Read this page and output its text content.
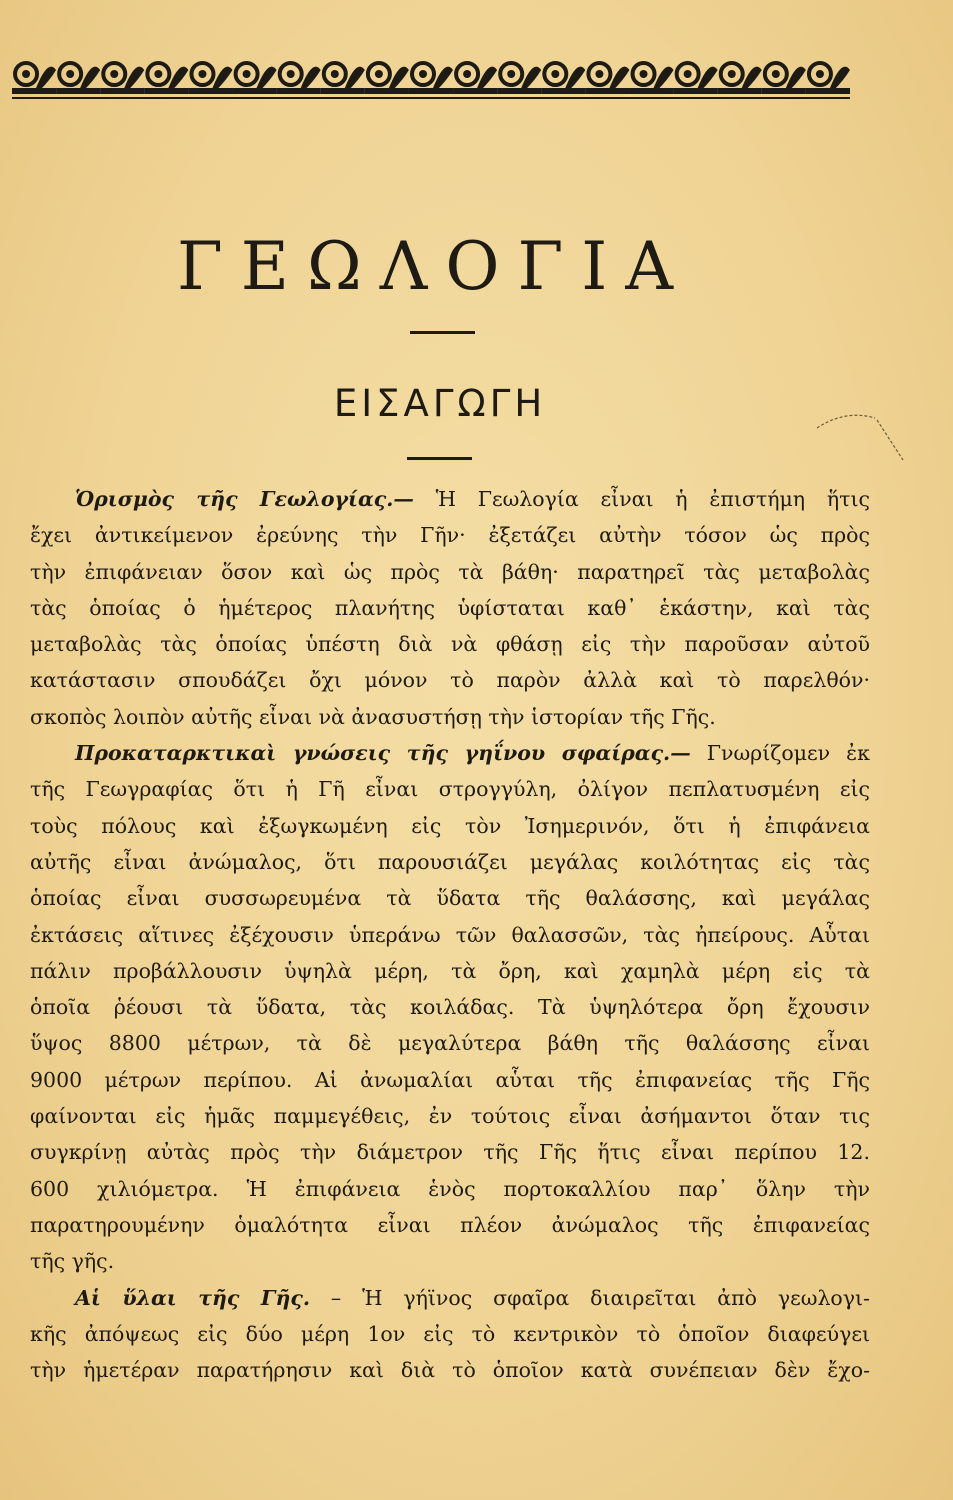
ΓΕΩΛΟΓΙΑ
ΕΙΣΑΓΩΓΗ
Ὁρισμὸς τῆς Γεωλογίας.— Ἡ Γεωλογία εἶναι ἡ ἐπιστήμη ἥτις
ἔχει ἀντικείμενον ἐρεύνης τὴν Γῆν· ἐξετάζει αὐτὴν τόσον ὡς πρὸς
τὴν ἐπιφάνειαν ὅσον καὶ ὡς πρὸς τὰ βάθη· παρατηρεῖ τὰς μεταβολὰς
τὰς ὁποίας ὁ ἡμέτερος πλανήτης ὑφίσταται καθ᾽ ἑκάστην, καὶ τὰς
μεταβολὰς τὰς ὁποίας ὑπέστη διὰ νὰ φθάσῃ εἰς τὴν παροῦσαν αὐτοῦ
κατάστασιν σπουδάζει ὄχι μόνον τὸ παρὸν ἀλλὰ καὶ τὸ παρελθόν·
σκοπὸς λοιπὸν αὐτῆς εἶναι νὰ ἀνασυστήσῃ τὴν ἱστορίαν τῆς Γῆς.
Προκαταρκτικαὶ γνώσεις τῆς γηΐνου σφαίρας.— Γνωρίζομεν ἐκ
τῆς Γεωγραφίας ὅτι ἡ Γῆ εἶναι στρογγύλη, ὀλίγον πεπλατυσμένη εἰς
τοὺς πόλους καὶ ἐξωγκωμένη εἰς τὸν Ἰσημερινόν, ὅτι ἡ ἐπιφάνεια
αὐτῆς εἶναι ἀνώμαλος, ὅτι παρουσιάζει μεγάλας κοιλότητας εἰς τὰς
ὁποίας εἶναι συσσωρευμένα τὰ ὕδατα τῆς θαλάσσης, καὶ μεγάλας
ἐκτάσεις αἵτινες ἐξέχουσιν ὑπεράνω τῶν θαλασσῶν, τὰς ἠπείρους. Αὗται
πάλιν προβάλλουσιν ὑψηλὰ μέρη, τὰ ὄρη, καὶ χαμηλὰ μέρη εἰς τὰ
ὁποῖα ῥέουσι τὰ ὕδατα, τὰς κοιλάδας. Τὰ ὑψηλότερα ὄρη ἔχουσιν
ὕψος 8800 μέτρων, τὰ δὲ μεγαλύτερα βάθη τῆς θαλάσσης εἶναι
9000 μέτρων περίπου. Αἱ ἀνωμαλίαι αὗται τῆς ἐπιφανείας τῆς Γῆς
φαίνονται εἰς ἡμᾶς παμμεγέθεις, ἐν τούτοις εἶναι ἀσήμαντοι ὅταν τις
συγκρίνῃ αὐτὰς πρὸς τὴν διάμετρον τῆς Γῆς ἥτις εἶναι περίπου 12.
600 χιλιόμετρα. Ἡ ἐπιφάνεια ἑνὸς πορτοκαλλίου παρ᾽ ὅλην τὴν
παρατηρουμένην ὁμαλότητα εἶναι πλέον ἀνώμαλος τῆς ἐπιφανείας
τῆς γῆς.
Αἱ ὕλαι τῆς Γῆς. – Ἡ γήϊνος σφαῖρα διαιρεῖται ἀπὸ γεωλογι-
κῆς ἀπόψεως εἰς δύο μέρη 1ον εἰς τὸ κεντρικὸν τὸ ὁποῖον διαφεύγει
τὴν ἡμετέραν παρατήρησιν καὶ διὰ τὸ ὁποῖον κατὰ συνέπειαν δὲν ἔχο-
